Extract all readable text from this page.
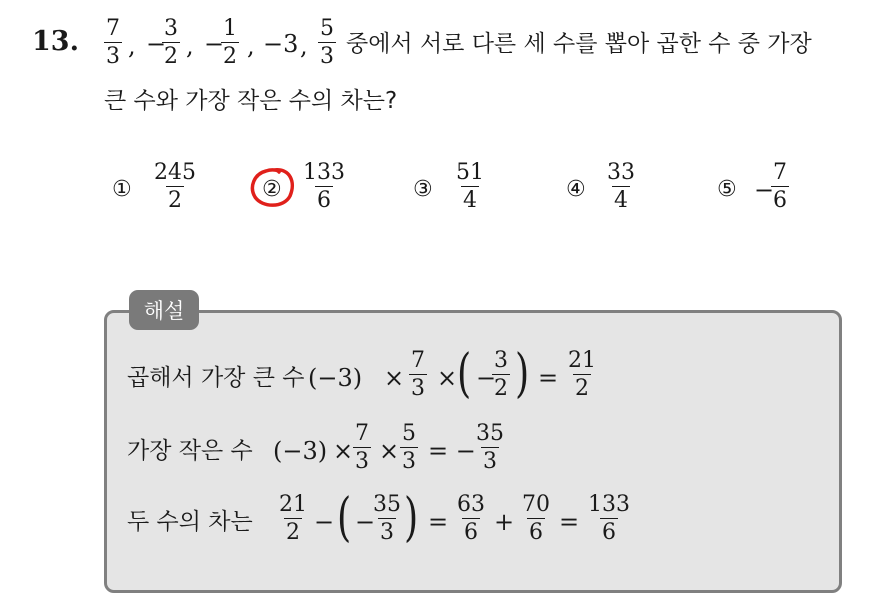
13. $\frac{7}{3}$ , −
$\frac{3}{2}$ , −
$\frac{1}{2}$ , −3 , $\frac{5}{3}$ 중에서 서로 다른 세 수를 뽑아 곱한 수 중 가장
큰 수와 가장 작은 수의 차는?
① $\frac{245}{2}$	② $\frac{133}{6}$	③ $\frac{51}{4}$	④ $\frac{33}{4}$	⑤ −
$\frac{7}{6}$
해설
곱해서 가장 큰 수 $(-3) \times \frac{7}{3}$ × ( −
$\frac{3}{2}$ ) = $\frac{21}{2}$
가장 작은 수 $(-3) \times \frac{7}{3} \times \frac{5}{3}$ = −
$\frac{35}{3}$
두 수의 차는 $\frac{21}{2}$ − ( −
$\frac{35}{3}$ ) = $\frac{63}{6} + \frac{70}{6} = \frac{133}{6}$
